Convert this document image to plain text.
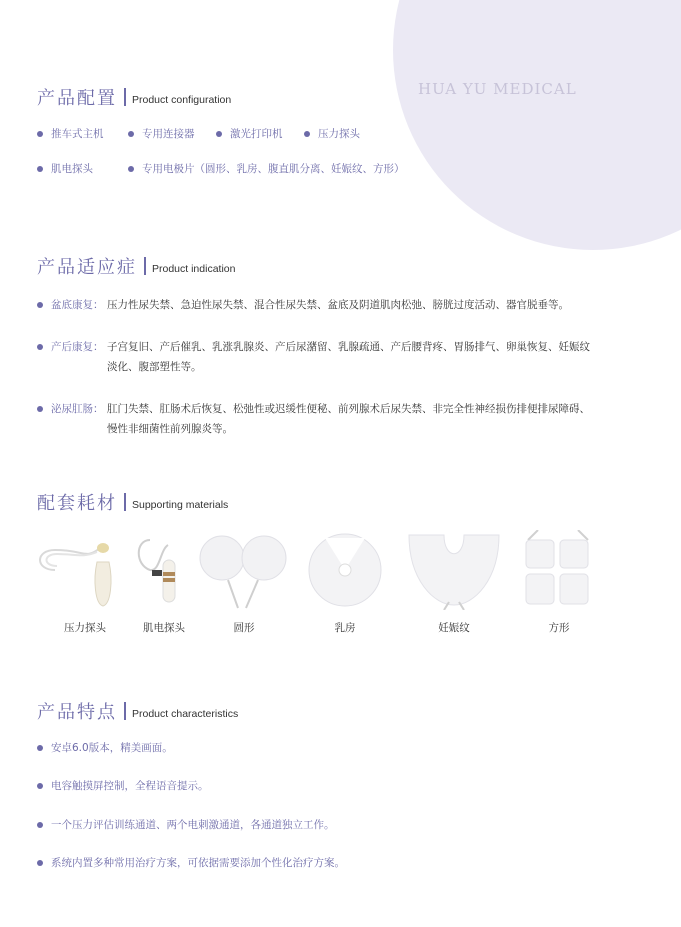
HUA YU MEDICAL
产品配置 Product configuration
推车式主机	专用连接器	激光打印机	压力探头
肌电探头	专用电极片（圆形、乳房、腹直肌分离、妊娠纹、方形）
产品适应症 Product indication
盆底康复： 压力性尿失禁、急迫性尿失禁、混合性尿失禁、盆底及阴道肌肉松弛、膀胱过度活动、器官脱垂等。
产后康复： 子宫复旧、产后催乳、乳涨乳腺炎、产后尿潴留、乳腺疏通、产后腰背疼、胃肠排气、卵巢恢复、妊娠纹淡化、腹部塑性等。
泌尿肛肠： 肛门失禁、肛肠术后恢复、松弛性或迟缓性便秘、前列腺术后尿失禁、非完全性神经损伤排便排尿障碍、慢性非细菌性前列腺炎等。
配套耗材 Supporting materials
压力探头	肌电探头	圆形	乳房	妊娠纹	方形
产品特点 Product characteristics
安卓6.0版本，精美画面。
电容触摸屏控制，全程语音提示。
一个压力评估训练通道、两个电刺激通道，各通道独立工作。
系统内置多种常用治疗方案，可依据需要添加个性化治疗方案。
